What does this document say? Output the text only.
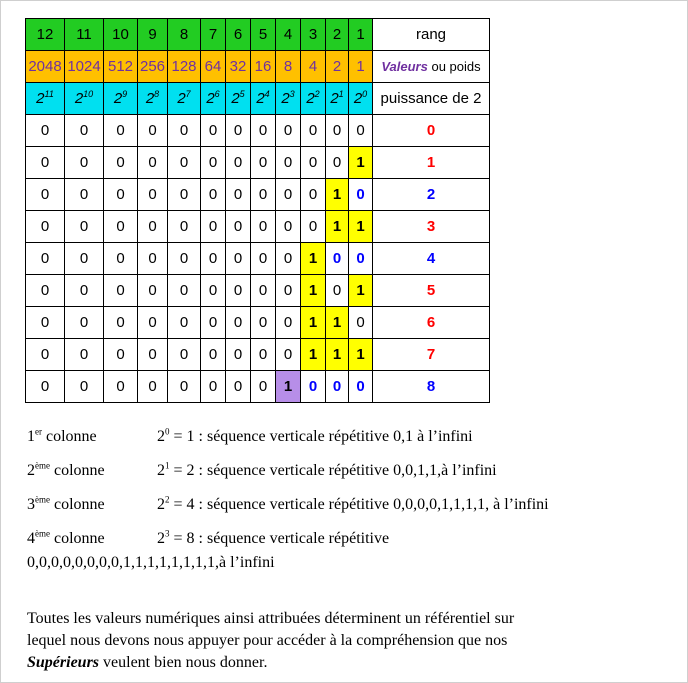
12	11	10	9	8	7	6	5	4	3	2	1	rang
2048	1024	512	256	128	64	32	16	8	4	2	1	Valeurs ou poids
$2^{11}$	$2^{10}$	$2^9$	$2^8$	$2^7$	$2^6$	$2^5$	$2^4$	$2^3$	$2^2$	$2^1$	$2^0$	puissance de 2
0	0	0	0	0	0	0	0	0	0	0	0	0
0	0	0	0	0	0	0	0	0	0	0	1	1
0	0	0	0	0	0	0	0	0	0	1	0	2
0	0	0	0	0	0	0	0	0	0	1	1	3
0	0	0	0	0	0	0	0	0	1	0	0	4
0	0	0	0	0	0	0	0	0	1	0	1	5
0	0	0	0	0	0	0	0	0	1	1	0	6
0	0	0	0	0	0	0	0	0	1	1	1	7
0	0	0	0	0	0	0	0	1	0	0	0	8
1er colonne	$2^0 = 1$ : séquence verticale répétitive 0,1 à l’infini
2ème colonne	$2^1 = 2$ : séquence verticale répétitive 0,0,1,1,à l’infini
3ème colonne	$2^2 = 4$ : séquence verticale répétitive 0,0,0,0,1,1,1,1, à l’infini
4ème colonne	$2^3 = 8$ : séquence verticale répétitive
0,0,0,0,0,0,0,0,1,1,1,1,1,1,1,1,à l’infini
Toutes les valeurs numériques ainsi attribuées déterminent un référentiel sur
lequel nous devons nous appuyer pour accéder à la compréhension que nos
Supérieurs veulent bien nous donner.
